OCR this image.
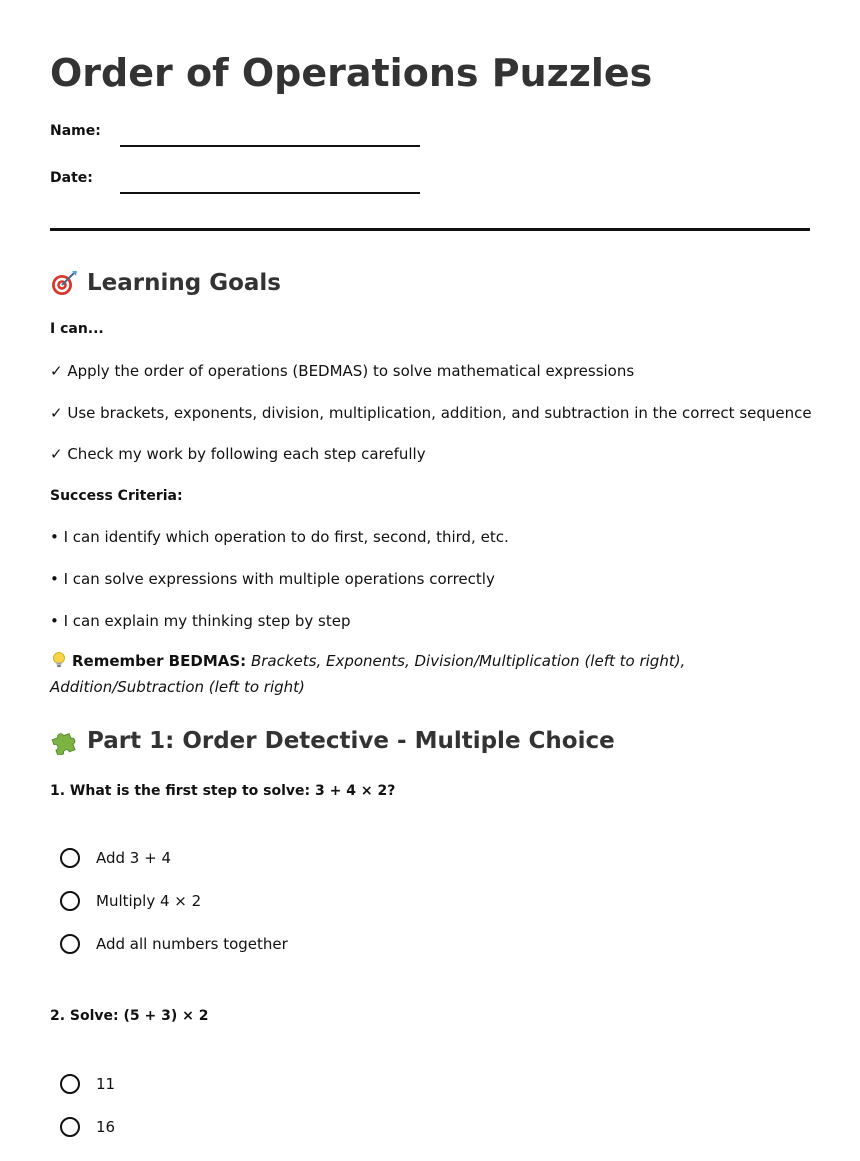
Order of Operations Puzzles
Name:
Date:
Learning Goals
I can...
✓ Apply the order of operations (BEDMAS) to solve mathematical expressions
✓ Use brackets, exponents, division, multiplication, addition, and subtraction in the correct sequence
✓ Check my work by following each step carefully
Success Criteria:
• I can identify which operation to do first, second, third, etc.
• I can solve expressions with multiple operations correctly
• I can explain my thinking step by step
Remember BEDMAS: Brackets, Exponents, Division/Multiplication (left to right), Addition/Subtraction (left to right)
Part 1: Order Detective - Multiple Choice
1. What is the first step to solve: 3 + 4 × 2?
Add 3 + 4
Multiply 4 × 2
Add all numbers together
2. Solve: (5 + 3) × 2
11
16
